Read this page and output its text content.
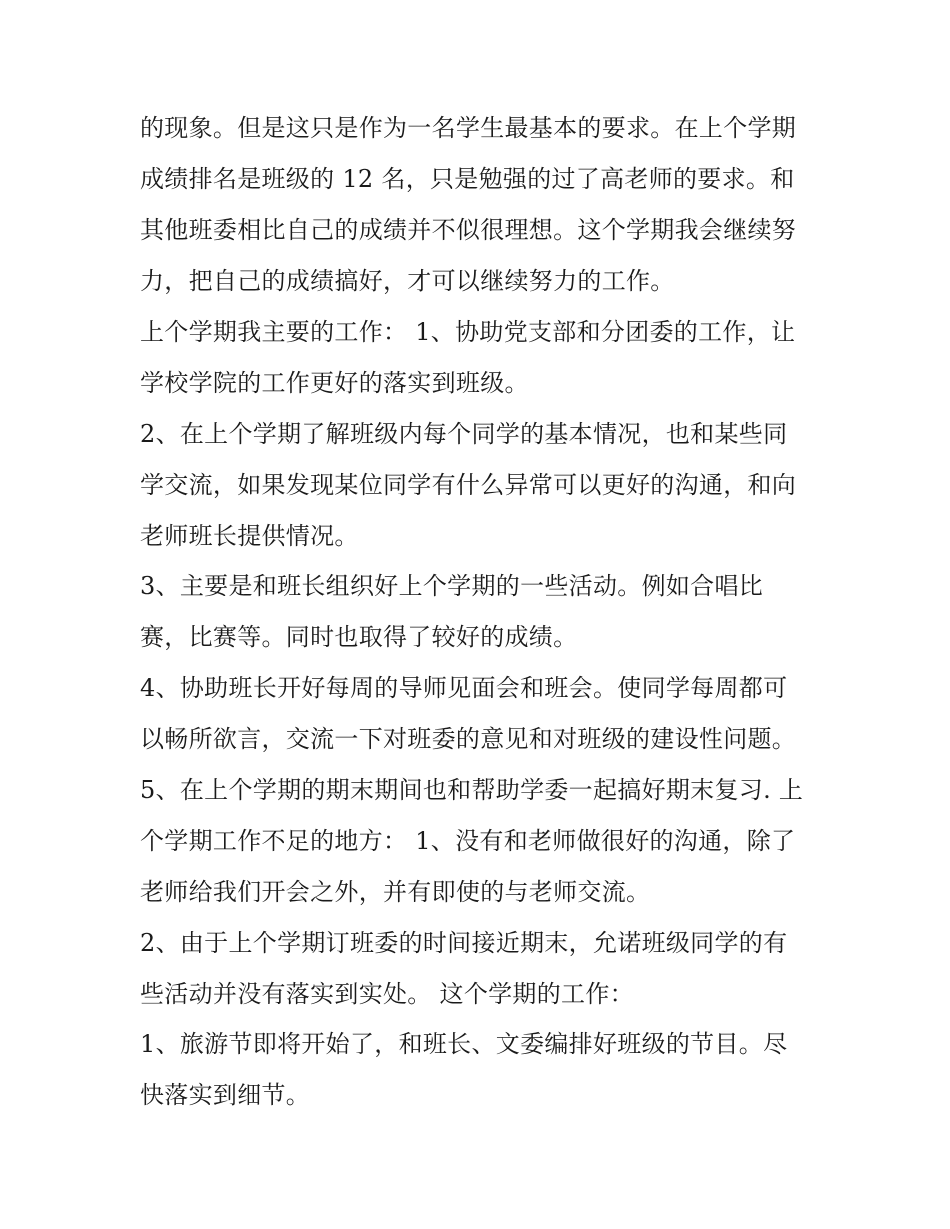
的现象。但是这只是作为一名学生最基本的要求。在上个学期

成绩排名是班级的 12 名，只是勉强的过了高老师的要求。和

其他班委相比自己的成绩并不似很理想。这个学期我会继续努

力，把自己的成绩搞好，才可以继续努力的工作。

上个学期我主要的工作： 1、协助党支部和分团委的工作，让

学校学院的工作更好的落实到班级。

2、在上个学期了解班级内每个同学的基本情况，也和某些同

学交流，如果发现某位同学有什么异常可以更好的沟通，和向

老师班长提供情况。

3、主要是和班长组织好上个学期的一些活动。例如合唱比

赛，比赛等。同时也取得了较好的成绩。

4、协助班长开好每周的导师见面会和班会。使同学每周都可

以畅所欲言，交流一下对班委的意见和对班级的建设性问题。

5、在上个学期的期末期间也和帮助学委一起搞好期末复习. 上

个学期工作不足的地方： 1、没有和老师做很好的沟通，除了

老师给我们开会之外，并有即使的与老师交流。

2、由于上个学期订班委的时间接近期末，允诺班级同学的有

些活动并没有落实到实处。 这个学期的工作：

1、旅游节即将开始了，和班长、文委编排好班级的节目。尽

快落实到细节。
